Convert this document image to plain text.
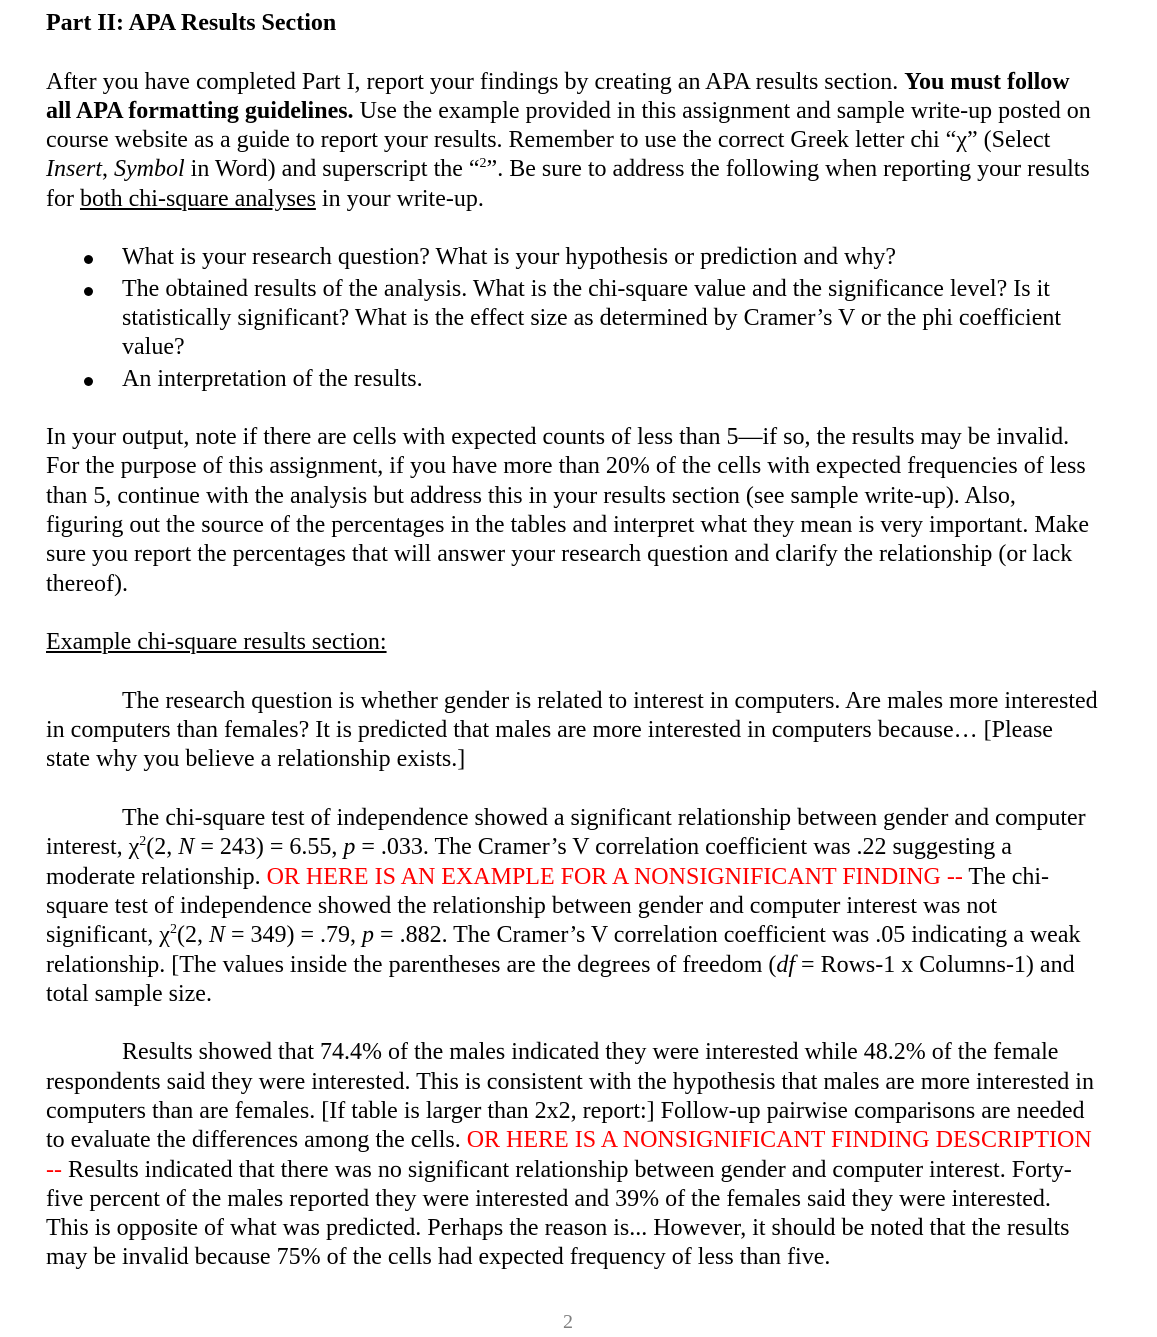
Part II: APA Results Section

After you have completed Part I, report your findings by creating an APA results section. You must follow all APA formatting guidelines. Use the example provided in this assignment and sample write-up posted on course website as a guide to report your results. Remember to use the correct Greek letter chi “χ” (Select Insert, Symbol in Word) and superscript the “$^2$”. Be sure to address the following when reporting your results for both chi-square analyses in your write-up.

What is your research question? What is your hypothesis or prediction and why?
The obtained results of the analysis. What is the chi-square value and the significance level? Is it statistically significant? What is the effect size as determined by Cramer’s V or the phi coefficient value?
An interpretation of the results.

In your output, note if there are cells with expected counts of less than 5—if so, the results may be invalid. For the purpose of this assignment, if you have more than 20% of the cells with expected frequencies of less than 5, continue with the analysis but address this in your results section (see sample write-up). Also, figuring out the source of the percentages in the tables and interpret what they mean is very important. Make sure you report the percentages that will answer your research question and clarify the relationship (or lack thereof).

Example chi-square results section:

The research question is whether gender is related to interest in computers. Are males more interested in computers than females? It is predicted that males are more interested in computers because… [Please state why you believe a relationship exists.]

The chi-square test of independence showed a significant relationship between gender and computer interest, $\chi^2(2$, N = 243) = 6.55, p = .033. The Cramer’s V correlation coefficient was .22 suggesting a moderate relationship. OR HERE IS AN EXAMPLE FOR A NONSIGNIFICANT FINDING -- The chi-square test of independence showed the relationship between gender and computer interest was not significant, $\chi^2(2$, N = 349) = .79, p = .882. The Cramer’s V correlation coefficient was .05 indicating a weak relationship. [The values inside the parentheses are the degrees of freedom (df = Rows-1 x Columns-1) and total sample size.

Results showed that 74.4% of the males indicated they were interested while 48.2% of the female respondents said they were interested. This is consistent with the hypothesis that males are more interested in computers than are females. [If table is larger than 2x2, report:] Follow-up pairwise comparisons are needed to evaluate the differences among the cells. OR HERE IS A NONSIGNIFICANT FINDING DESCRIPTION -- Results indicated that there was no significant relationship between gender and computer interest. Forty-five percent of the males reported they were interested and 39% of the females said they were interested. This is opposite of what was predicted. Perhaps the reason is... However, it should be noted that the results may be invalid because 75% of the cells had expected frequency of less than five.

2
